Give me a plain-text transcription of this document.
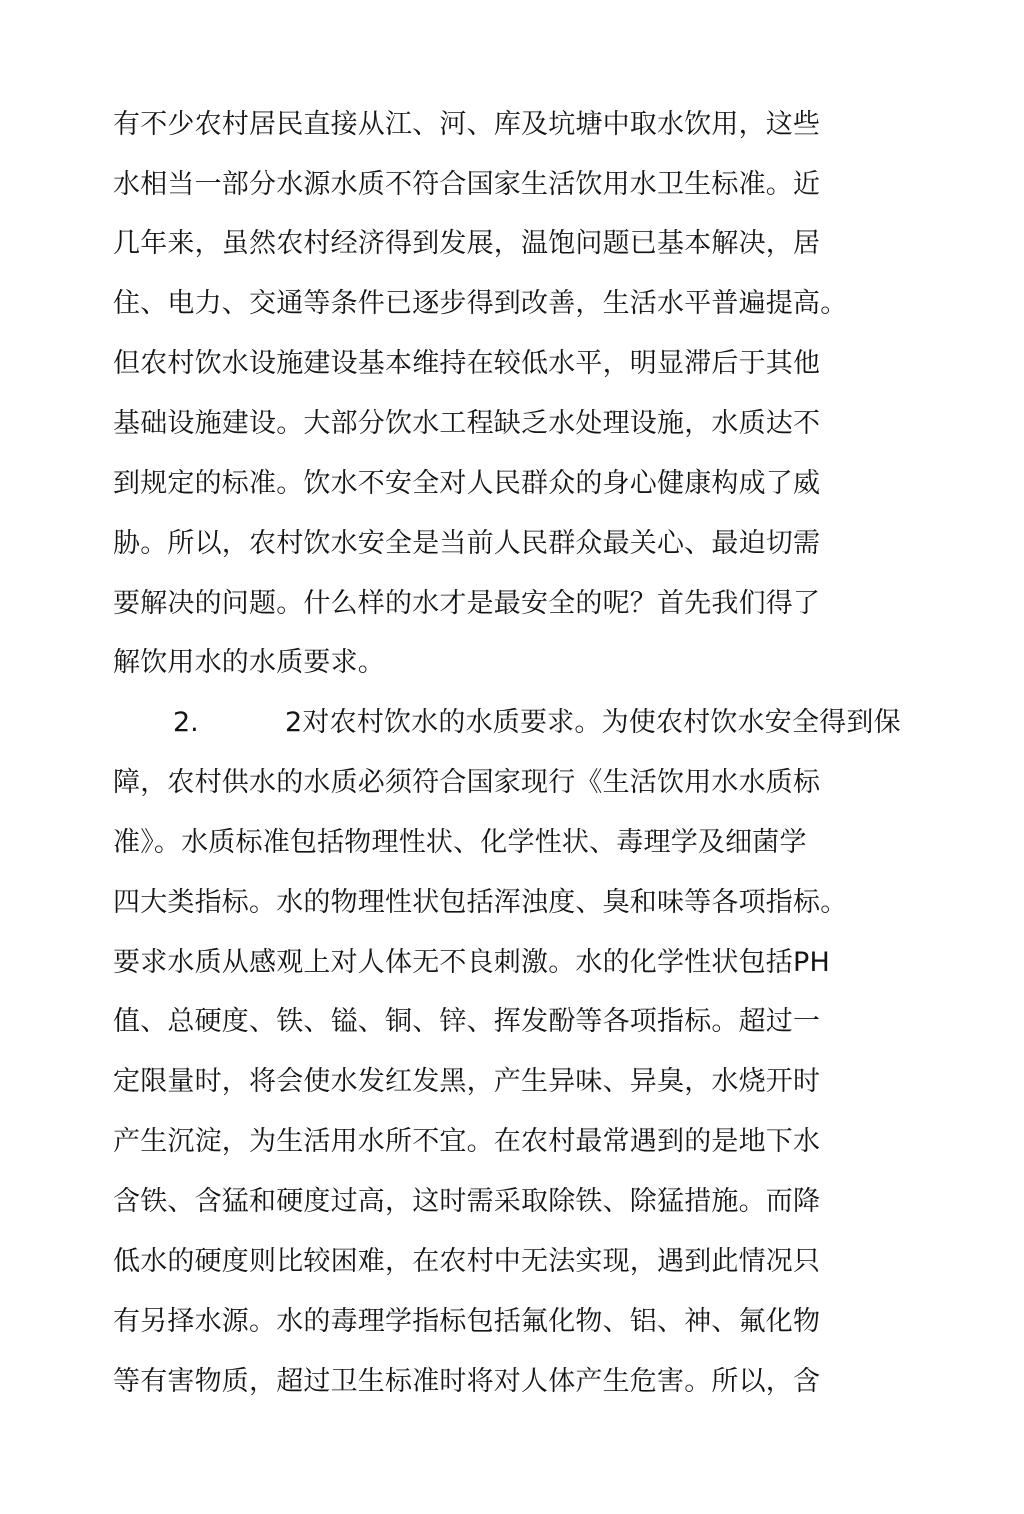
有不少农村居民直接从江、河、库及坑塘中取水饮用，这些
水相当一部分水源水质不符合国家生活饮用水卫生标准。近
几年来，虽然农村经济得到发展，温饱问题已基本解决，居
住、电力、交通等条件已逐步得到改善，生活水平普遍提高。
但农村饮水设施建设基本维持在较低水平，明显滞后于其他
基础设施建设。大部分饮水工程缺乏水处理设施，水质达不
到规定的标准。饮水不安全对人民群众的身心健康构成了威
胁。所以，农村饮水安全是当前人民群众最关心、最迫切需
要解决的问题。什么样的水才是最安全的呢？首先我们得了
解饮用水的水质要求。
2.	2对农村饮水的水质要求。为使农村饮水安全得到保
障，农村供水的水质必须符合国家现行《生活饮用水水质标
准》。水质标准包括物理性状、化学性状、毒理学及细菌学
四大类指标。水的物理性状包括浑浊度、臭和味等各项指标。
要求水质从感观上对人体无不良刺激。水的化学性状包括PH
值、总硬度、铁、镒、铜、锌、挥发酚等各项指标。超过一
定限量时，将会使水发红发黑，产生异味、异臭，水烧开时
产生沉淀，为生活用水所不宜。在农村最常遇到的是地下水
含铁、含猛和硬度过高，这时需采取除铁、除猛措施。而降
低水的硬度则比较困难，在农村中无法实现，遇到此情况只
有另择水源。水的毒理学指标包括氟化物、铝、神、氟化物
等有害物质，超过卫生标准时将对人体产生危害。所以，含
